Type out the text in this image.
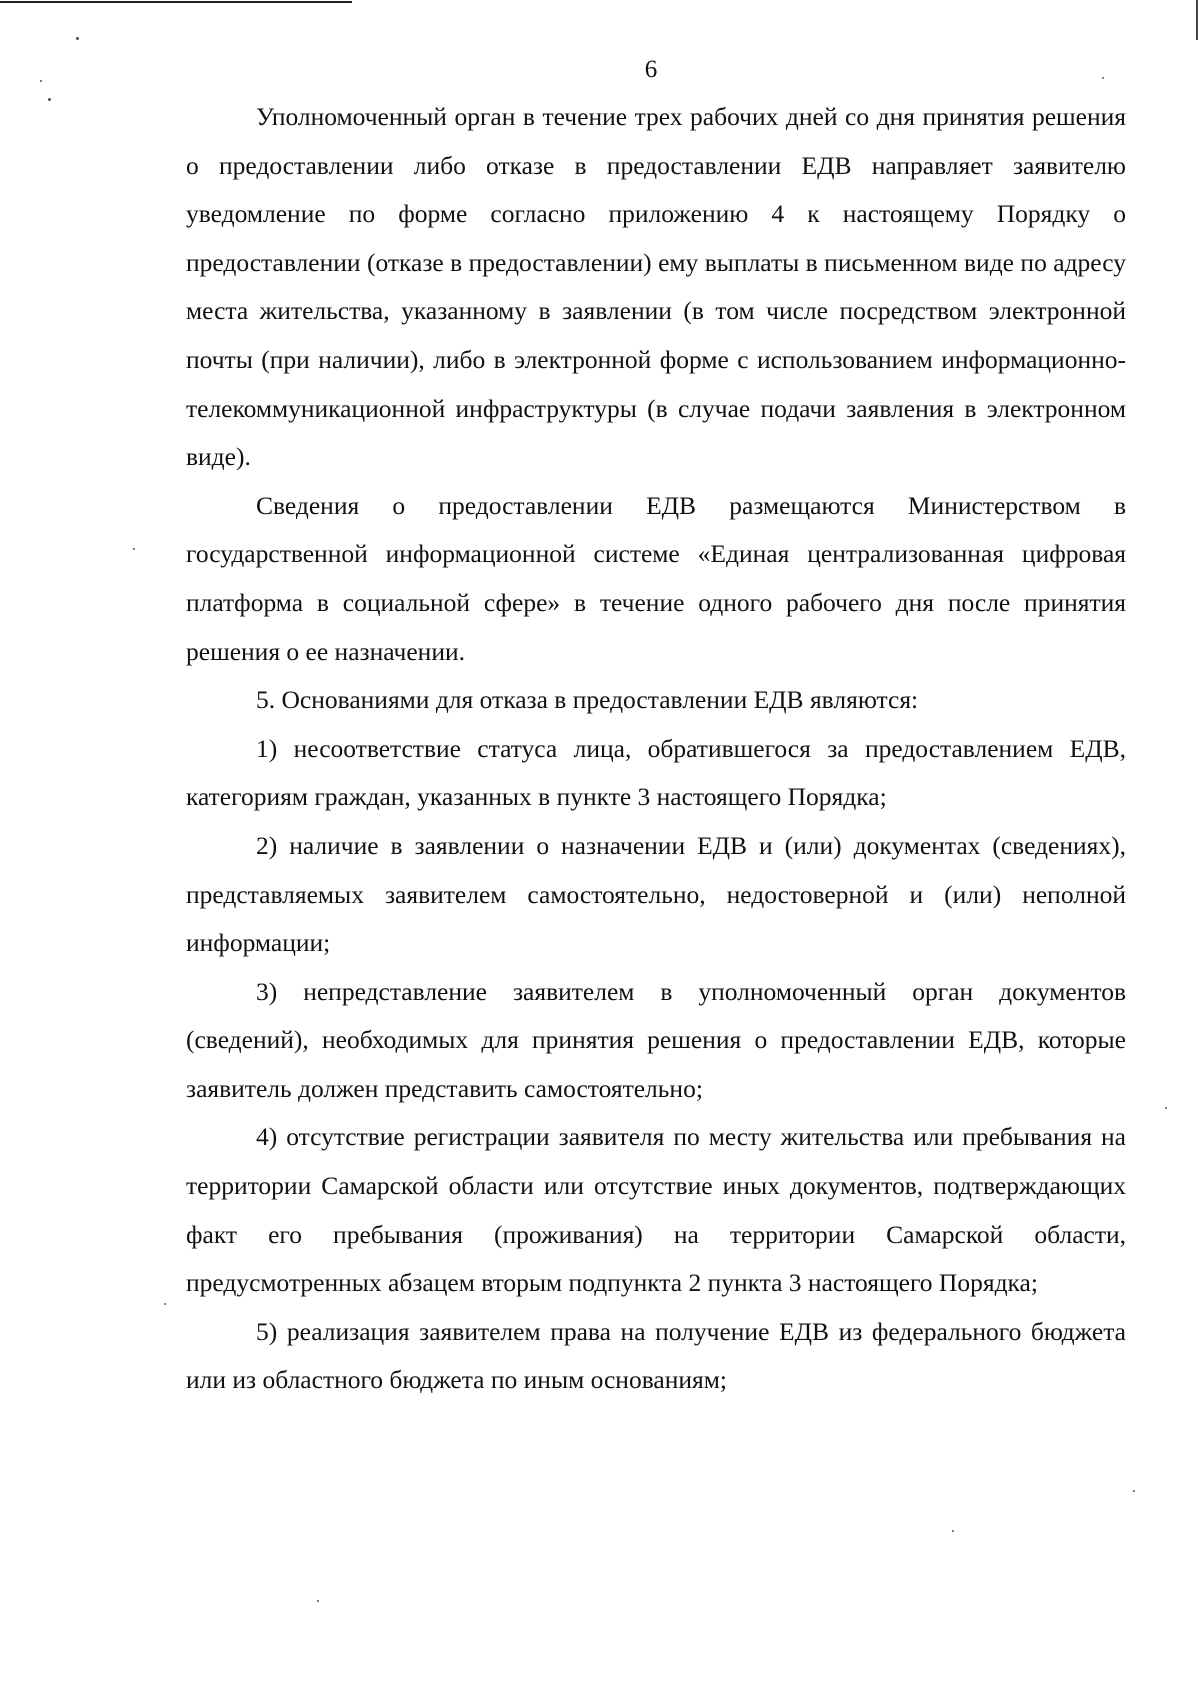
6

Уполномоченный орган в течение трех рабочих дней со дня принятия решения о предоставлении либо отказе в предоставлении ЕДВ направляет заявителю уведомление по форме согласно приложению 4 к настоящему Порядку о предоставлении (отказе в предоставлении) ему выплаты в письменном виде по адресу места жительства, указанному в заявлении (в том числе посредством электронной почты (при наличии), либо в электронной форме с использованием информационно-телекоммуникационной инфраструктуры (в случае подачи заявления в электронном виде).

Сведения о предоставлении ЕДВ размещаются Министерством в государственной информационной системе «Единая централизованная цифровая платформа в социальной сфере» в течение одного рабочего дня после принятия решения о ее назначении.

5. Основаниями для отказа в предоставлении ЕДВ являются:

1) несоответствие статуса лица, обратившегося за предоставлением ЕДВ, категориям граждан, указанных в пункте 3 настоящего Порядка;

2) наличие в заявлении о назначении ЕДВ и (или) документах (сведениях), представляемых заявителем самостоятельно, недостоверной и (или) неполной информации;

3) непредставление заявителем в уполномоченный орган документов (сведений), необходимых для принятия решения о предоставлении ЕДВ, которые заявитель должен представить самостоятельно;

4) отсутствие регистрации заявителя по месту жительства или пребывания на территории Самарской области или отсутствие иных документов, подтверждающих факт его пребывания (проживания) на территории Самарской области, предусмотренных абзацем вторым подпункта 2 пункта 3 настоящего Порядка;

5) реализация заявителем права на получение ЕДВ из федерального бюджета или из областного бюджета по иным основаниям;
